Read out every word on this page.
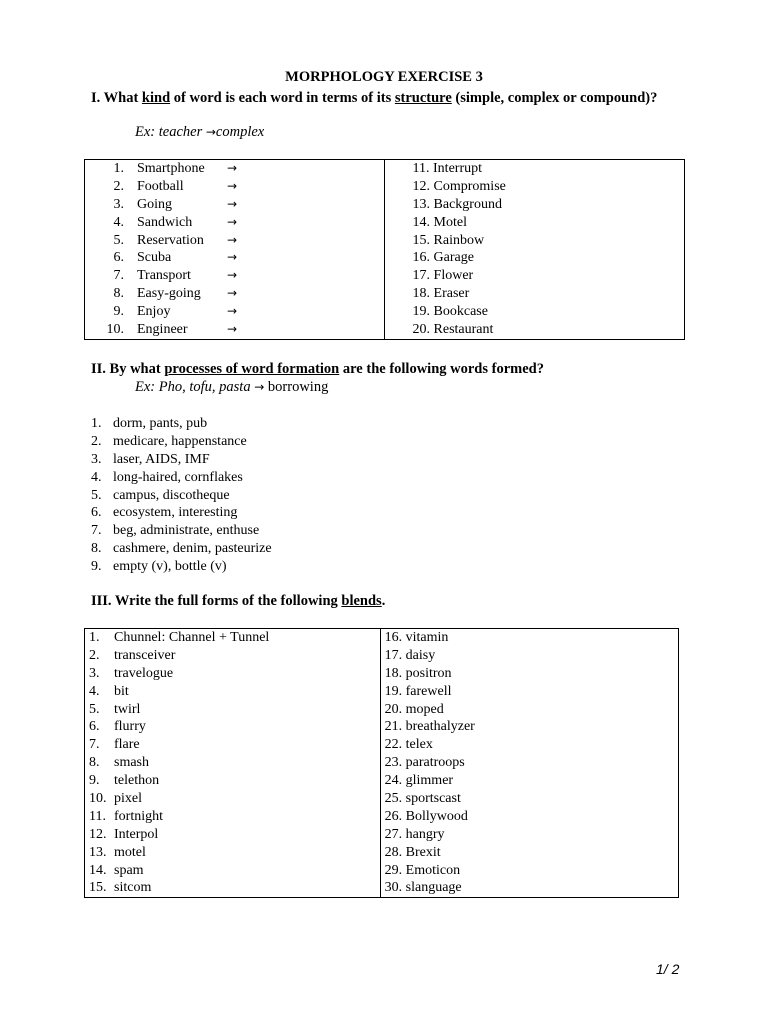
MORPHOLOGY EXERCISE 3
I. What kind of word is each word in terms of its structure (simple, complex or compound)?
Ex: teacher →complex
1. Smartphone →
2. Football	→
3. Going	→
4. Sandwich	→
5. Reservation →
6. Scuba	→
7. Transport	→
8. Easy-going →
9. Enjoy	→
10. Engineer	→

11. Interrupt
12. Compromise
13. Background
14. Motel
15. Rainbow
16. Garage
17. Flower
18. Eraser
19. Bookcase
20. Restaurant
II. By what processes of word formation are the following words formed?
Ex: Pho, tofu, pasta → borrowing
1. dorm, pants, pub
2. medicare, happenstance
3. laser, AIDS, IMF
4. long-haired, cornflakes
5. campus, discotheque
6. ecosystem, interesting
7. beg, administrate, enthuse
8. cashmere, denim, pasteurize
9. empty (v), bottle (v)
III. Write the full forms of the following blends.
1. Chunnel: Channel + Tunnel
2. transceiver
3. travelogue
4. bit
5. twirl
6. flurry
7. flare
8. smash
9. telethon
10. pixel
11. fortnight
12. Interpol
13. motel
14. spam
15. sitcom

16. vitamin
17. daisy
18. positron
19. farewell
20. moped
21. breathalyzer
22. telex
23. paratroops
24. glimmer
25. sportscast
26. Bollywood
27. hangry
28. Brexit
29. Emoticon
30. slanguage
1/ 2
